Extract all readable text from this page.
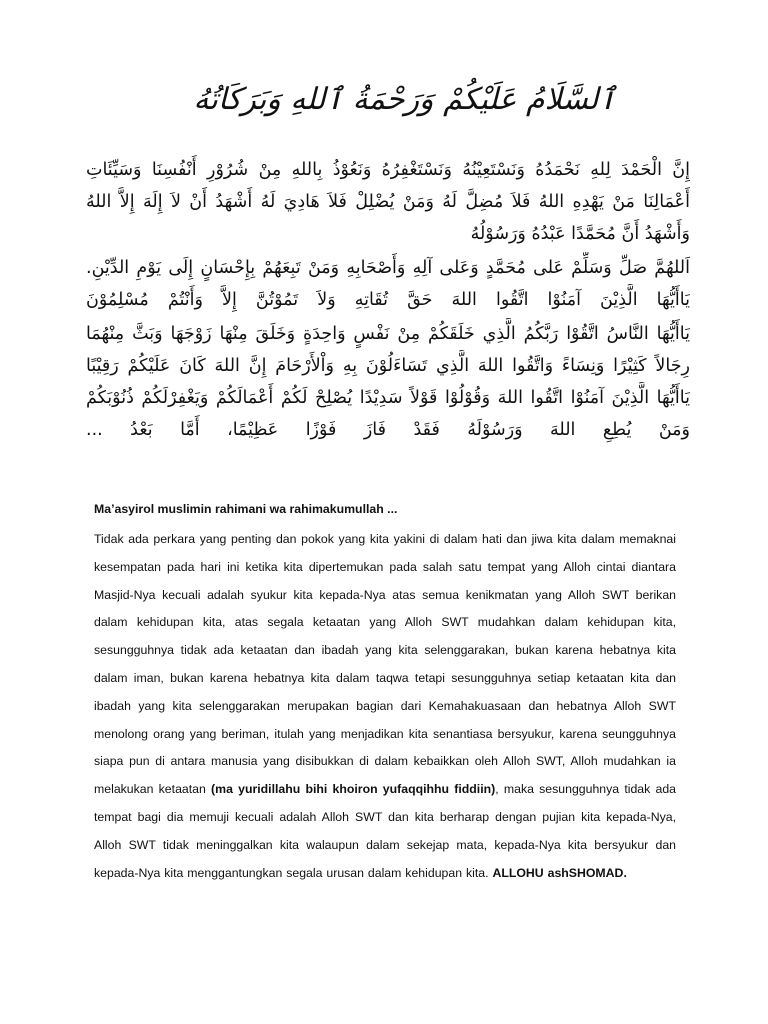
ٱلسَّلَامُ عَلَيْكُمْ وَرَحْمَةُ ٱللهِ وَبَرَكَاتُهُ
إِنَّ الْحَمْدَ لِلهِ نَحْمَدُهُ وَنَسْتَعِيْنُهُ وَنَسْتَغْفِرُهُ وَنَعُوْذُ بِاللهِ مِنْ شُرُوْرِ أَنْفُسِنَا وَسَيِّئَاتِ
أَعْمَالِنَا مَنْ يَهْدِهِ اللهُ فَلاَ مُضِلَّ لَهُ وَمَنْ يُضْلِلْ فَلاَ هَادِيَ لَهُ أَشْهَدُ أَنْ لاَ إِلَهَ إِلاَّ اللهُ
وَأَشْهَدُ أَنَّ مُحَمَّدًا عَبْدُهُ وَرَسُوْلُهُ
اَللهُمَّ صَلِّ وَسَلِّمْ عَلى مُحَمَّدٍ وَعَلى آلِهِ وَأَصْحَابِهِ وَمَنْ تَبِعَهُمْ بِإِحْسَانٍ إِلَى يَوْمِ الدِّيْنِ.
يَاأَيُّهَا الَّذِيْنَ آمَنُوْا اتَّقُوا اللهَ حَقَّ تُقَاتِهِ وَلاَ تَمُوْتُنَّ إِلاَّ وَأَنْتُمْ مُسْلِمُوْنَ
يَاأَيُّهَا النَّاسُ اتَّقُوْا رَبَّكُمُ الَّذِي خَلَقَكُمْ مِنْ نَفْسٍ وَاحِدَةٍ وَخَلَقَ مِنْهَا زَوْجَهَا وَبَثَّ مِنْهُمَا
رِجَالاً كَثِيْرًا وَنِسَاءً وَاتَّقُوا اللهَ الَّذِي تَسَاءَلُوْنَ بِهِ وَاْلأَرْحَامَ إِنَّ اللهَ كَانَ عَلَيْكُمْ رَقِيْبًا
يَاأَيُّهَا الَّذِيْنَ آمَنُوْا اتَّقُوا اللهَ وَقُوْلُوْا قَوْلاً سَدِيْدًا يُصْلِحْ لَكُمْ أَعْمَالَكُمْ وَيَغْفِرْلَكُمْ ذُنُوْبَكُمْ
وَمَنْ يُطِعِ اللهَ وَرَسُوْلَهُ فَقَدْ فَازَ فَوْزًا عَظِيْمًا، أَمَّا بَعْدُ ...

Ma’asyirol muslimin rahimani wa rahimakumullah ...

Tidak ada perkara yang penting dan pokok yang kita yakini di dalam hati dan jiwa kita dalam memaknai kesempatan pada hari ini ketika kita dipertemukan pada salah satu tempat yang Alloh cintai diantara Masjid-Nya kecuali adalah syukur kita kepada-Nya atas semua kenikmatan yang Alloh SWT berikan dalam kehidupan kita, atas segala ketaatan yang Alloh SWT mudahkan dalam kehidupan kita, sesungguhnya tidak ada ketaatan dan ibadah yang kita selenggarakan, bukan karena hebatnya kita dalam iman, bukan karena hebatnya kita dalam taqwa tetapi sesungguhnya setiap ketaatan kita dan ibadah yang kita selenggarakan merupakan bagian dari Kemahakuasaan dan hebatnya Alloh SWT menolong orang yang beriman, itulah yang menjadikan kita senantiasa bersyukur, karena seungguhnya siapa pun di antara manusia yang disibukkan di dalam kebaikkan oleh Alloh SWT, Alloh mudahkan ia melakukan ketaatan (ma yuridillahu bihi khoiron yufaqqihhu fiddiin), maka sesungguhnya tidak ada tempat bagi dia memuji kecuali adalah Alloh SWT dan kita berharap dengan pujian kita kepada-Nya, Alloh SWT tidak meninggalkan kita walaupun dalam sekejap mata, kepada-Nya kita bersyukur dan kepada-Nya kita menggantungkan segala urusan dalam kehidupan kita. ALLOHU ashSHOMAD.
